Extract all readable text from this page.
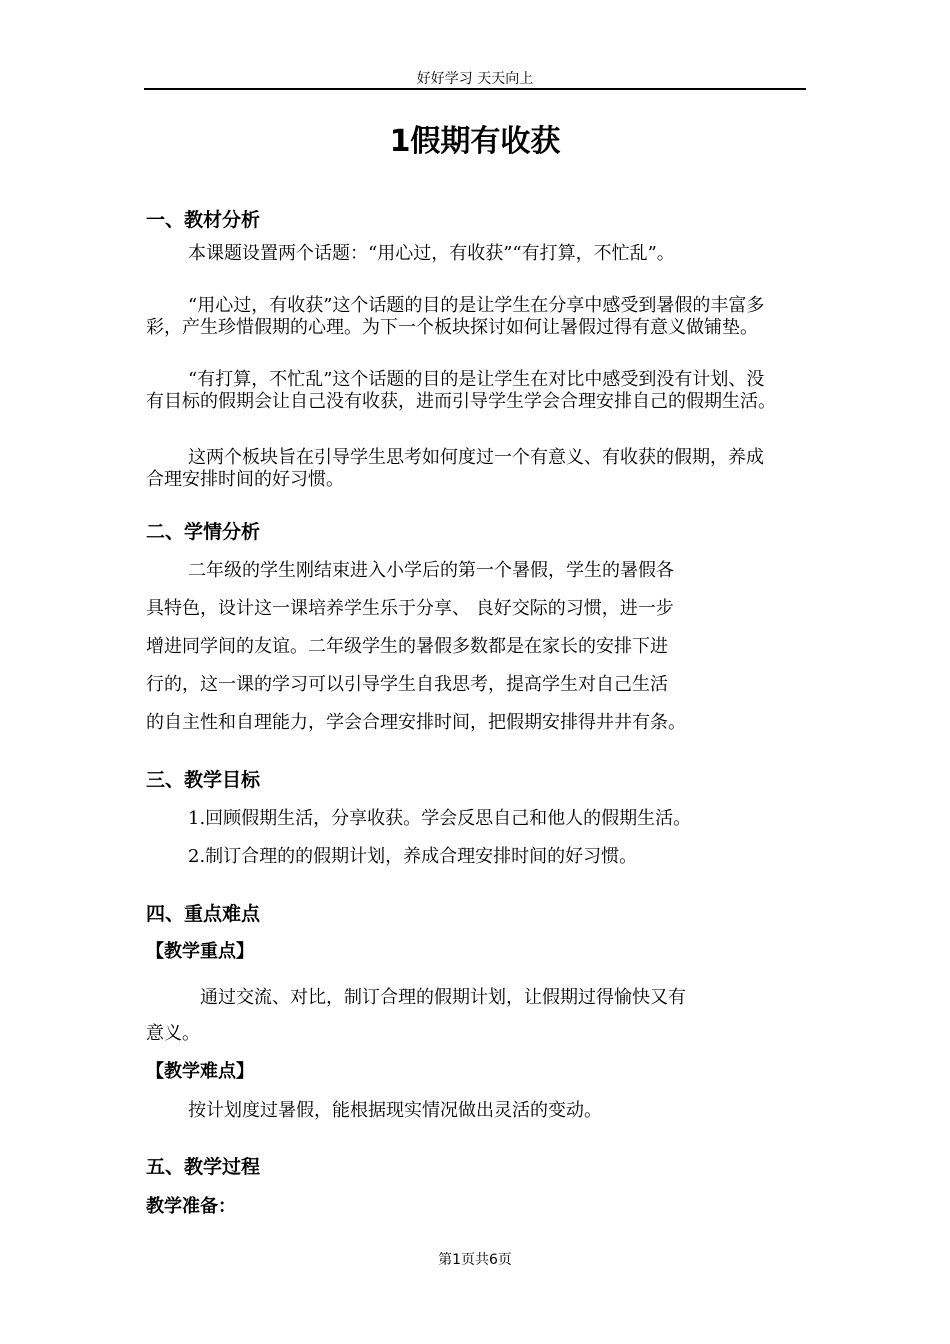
好好学习 天天向上
1假期有收获
一、教材分析
本课题设置两个话题：“用心过，有收获”“有打算，不忙乱”。
“用心过，有收获”这个话题的目的是让学生在分享中感受到暑假的丰富多彩，产生珍惜假期的心理。为下一个板块探讨如何让暑假过得有意义做铺垫。
“有打算，不忙乱”这个话题的目的是让学生在对比中感受到没有计划、没有目标的假期会让自己没有收获，进而引导学生学会合理安排自己的假期生活。
这两个板块旨在引导学生思考如何度过一个有意义、有收获的假期，养成合理安排时间的好习惯。
二、学情分析
二年级的学生刚结束进入小学后的第一个暑假，学生的暑假各
具特色，设计这一课培养学生乐于分享、 良好交际的习惯，进一步
增进同学间的友谊。二年级学生的暑假多数都是在家长的安排下进
行的，这一课的学习可以引导学生自我思考，提高学生对自己生活
的自主性和自理能力，学会合理安排时间，把假期安排得井井有条。
三、教学目标
1.回顾假期生活，分享收获。学会反思自己和他人的假期生活。
2.制订合理的的假期计划，养成合理安排时间的好习惯。
四、重点难点
【教学重点】
通过交流、对比，制订合理的假期计划，让假期过得愉快又有
意义。
【教学难点】
按计划度过暑假，能根据现实情况做出灵活的变动。
五、教学过程
教学准备：
第1页共6页
